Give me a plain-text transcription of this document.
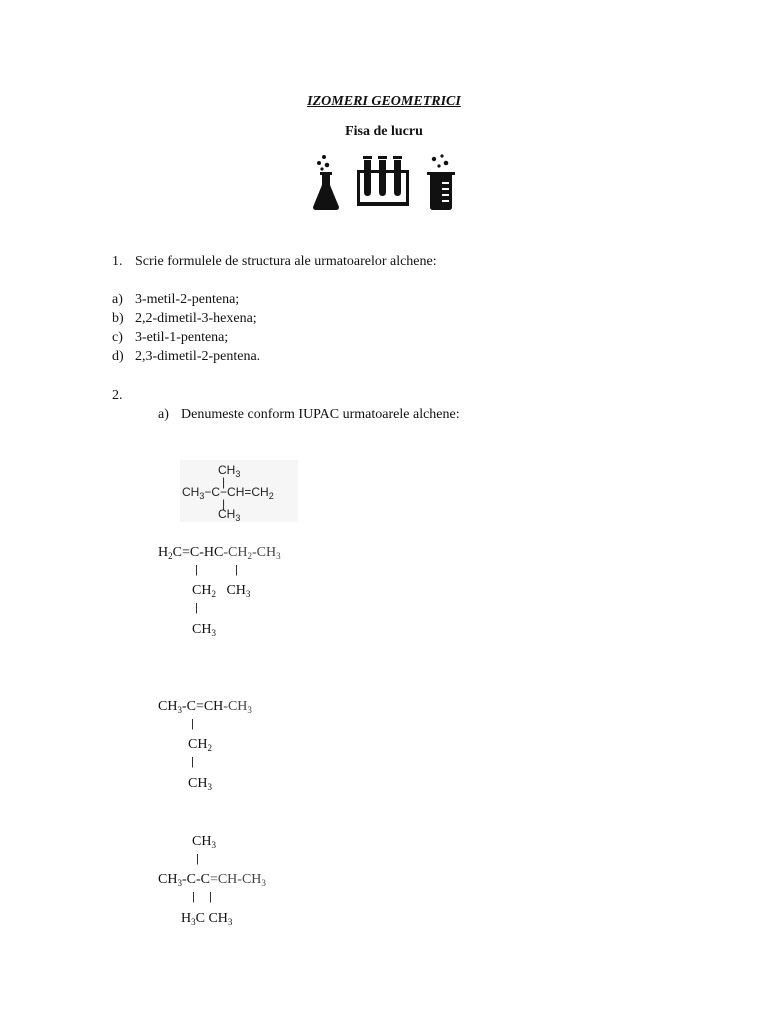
IZOMERI GEOMETRICI
Fisa de lucru
1. Scrie formulele de structura ale urmatoarelor alchene:
a) 3-metil-2-pentena;
b) 2,2-dimetil-3-hexena;
c) 3-etil-1-pentena;
d) 2,3-dimetil-2-pentena.
2.
a) Denumeste conform IUPAC urmatoarele alchene:
$CH_3$
|
$CH_3-C-CH=CH_2$
|
$CH_3$
$H_2C=C-HC-CH_2-CH_3$
|	|
$CH_2$   $CH_3$
|
$CH_3$
$CH_3-C=CH-CH_3$
|
$CH_2$
|
$CH_3$
$CH_3$
|
$CH_3-C-C=CH-CH_3$
| |
$H_3C$ $CH_3$
